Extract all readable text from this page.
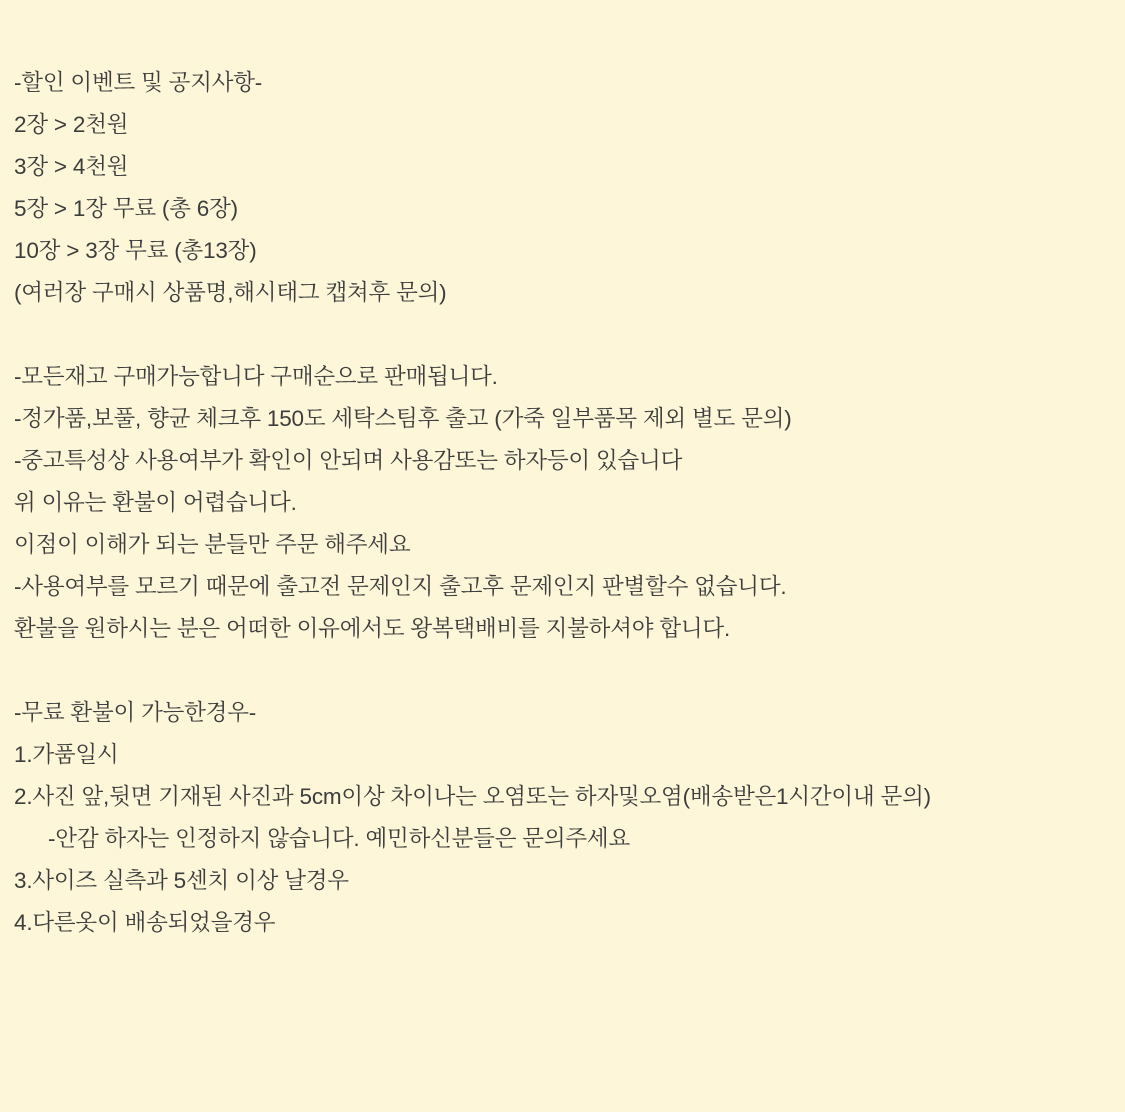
-할인 이벤트 및 공지사항-
2장 > 2천원
3장 > 4천원
5장 > 1장 무료 (총 6장)
10장 > 3장 무료 (총13장)
(여러장 구매시 상품명,해시태그 캡쳐후 문의)
-모든재고 구매가능합니다 구매순으로 판매됩니다.
-정가품,보풀, 향균 체크후 150도 세탁스팀후 출고 (가죽 일부품목 제외 별도 문의)
-중고특성상 사용여부가 확인이 안되며 사용감또는 하자등이 있습니다
위 이유는 환불이 어렵습니다.
이점이 이해가 되는 분들만 주문 해주세요
-사용여부를 모르기 때문에 출고전 문제인지 출고후 문제인지 판별할수 없습니다.
환불을 원하시는 분은 어떠한 이유에서도 왕복택배비를 지불하셔야 합니다.
-무료 환불이 가능한경우-
1.가품일시
2.사진 앞,뒷면 기재된 사진과 5cm이상 차이나는 오염또는 하자및오염(배송받은1시간이내 문의)
-안감 하자는 인정하지 않습니다. 예민하신분들은 문의주세요
3.사이즈 실측과 5센치 이상 날경우
4.다른옷이 배송되었을경우
